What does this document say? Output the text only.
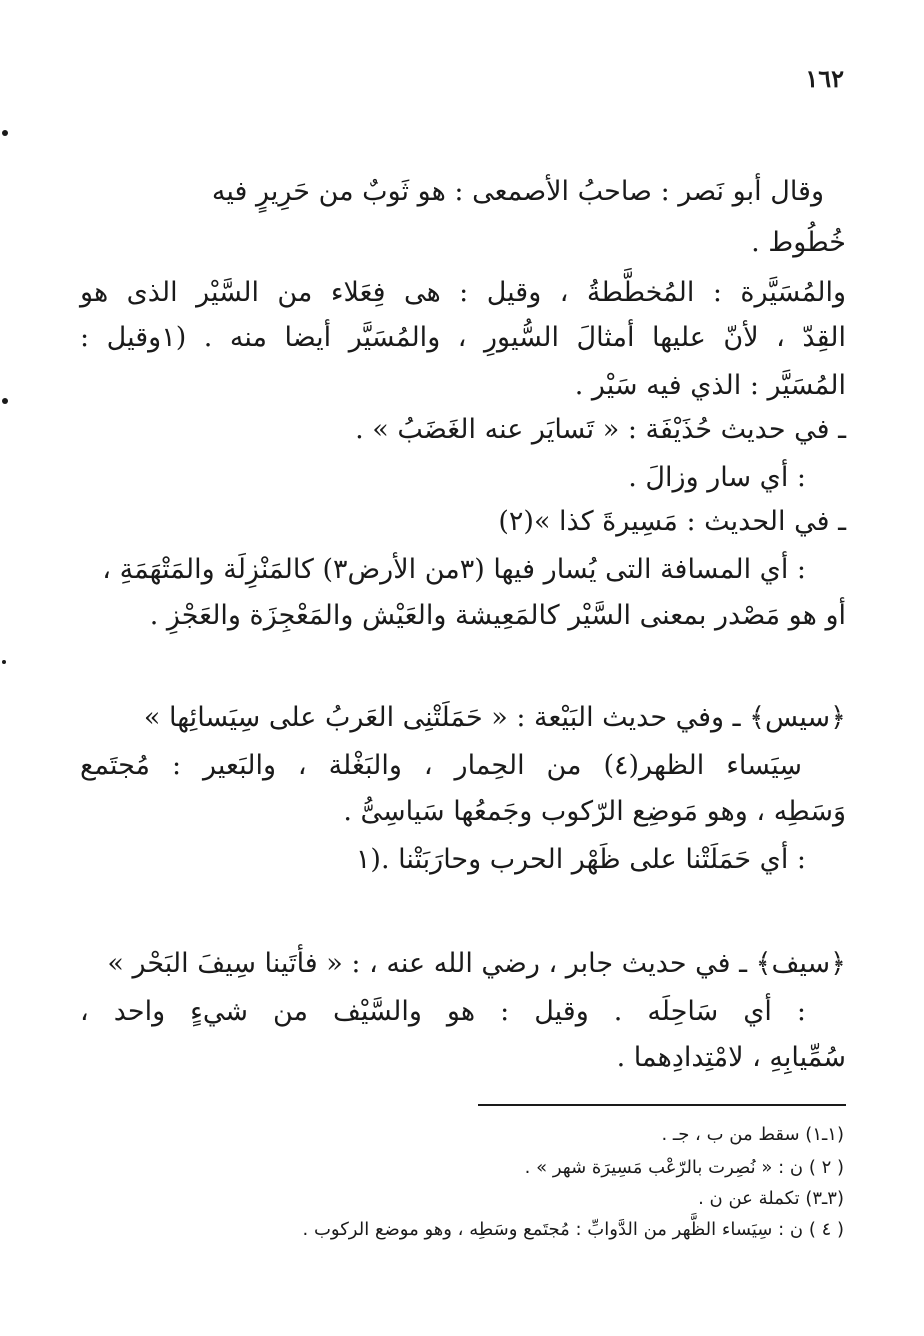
١٦٢
وقال أبو نَصر : صاحبُ الأصمعى : هو ثَوبٌ من حَرِيرٍ فيه
خُطُوط .
والمُسَيَّرة : المُخطَّطةُ ، وقيل : هى فِعَلاء من السَّيْر الذى هو
القِدّ ، لأنّ عليها أمثالَ السُّيورِ ، والمُسَيَّر أيضا منه . (١وقيل :
المُسَيَّر : الذي فيه سَيْر .
ـ في حديث حُذَيْفَة : « تَسايَر عنه الغَضَبُ » .
: أي سار وزالَ .
ـ في الحديث : مَسِيرةَ كذا »(٢)
: أي المسافة التى يُسار فيها (٣من الأرض٣) كالمَنْزِلَة والمَتْهَمَةِ ،
أو هو مَصْدر بمعنى السَّيْر كالمَعِيشة والعَيْش والمَعْجِزَة والعَجْزِ .
﴿سيس﴾ ـ وفي حديث البَيْعة : « حَمَلَتْنِى العَربُ على سِيَسائِها »
سِيَساء الظهر(٤) من الحِمار ، والبَغْلة ، والبَعير : مُجتَمع
وَسَطِه ، وهو مَوضِع الرّكوب وجَمعُها سَياسِىُّ .
: أي حَمَلَتْنا على ظَهْر الحرب وحارَبَتْنا .(١
﴿سيف﴾ ـ في حديث جابر ، رضي الله عنه ، : « فأتَينا سِيفَ البَحْر »
: أي سَاحِلَه . وقيل : هو والسَّيْف من شيءٍ واحد ،
سُمِّيابِهِ ، لامْتِدادِهما .
(١ـ١) سقط من ب ، جـ .
( ٢ ) ن : « نُصِرت بالرّعْب مَسِيرَة شهر » .
(٣ـ٣) تكملة عن ن .
( ٤ ) ن : سِيَساء الظَّهر من الدَّوابِّ : مُجتَمع وسَطِه ، وهو موضع الركوب .
